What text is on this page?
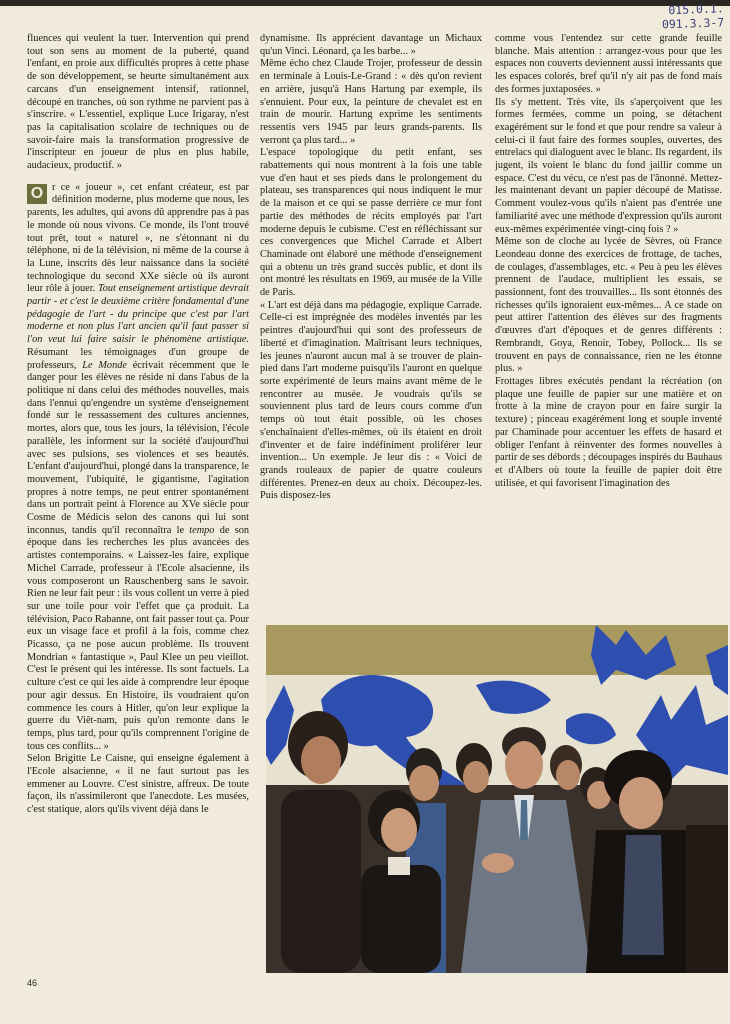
015.0.1.
091.3.3-7

fluences qui veulent la tuer. Intervention qui prend tout son sens au moment de la puberté, quand l'enfant, en proie aux difficultés propres à cette phase de son développement, se heurte simultanément aux carcans d'un enseignement intensif, rationnel, découpé en tranches, où son rythme ne parvient pas à s'inscrire. « L'essentiel, explique Luce Irigaray, n'est pas la capitalisation scolaire de techniques ou de savoir-faire mais la transformation progressive de l'inscripteur en joueur de plus en plus habile, audacieux, productif. »

O r ce « joueur », cet enfant créateur, est par définition moderne, plus moderne que nous, les parents, les adultes, qui avons dû apprendre pas à pas le monde où nous vivons. Ce monde, ils l'ont trouvé tout prêt, tout « naturel », ne s'étonnant ni du téléphone, ni de la télévision, ni même de la course à la Lune, inscrits dès leur naissance dans la société technologique du second XXe siècle où ils auront leur rôle à jouer. Tout enseignement artistique devrait partir - et c'est le deuxième critère fondamental d'une pédagogie de l'art - du principe que c'est par l'art moderne et non plus l'art ancien qu'il faut passer si l'on veut lui faire saisir le phénomène artistique. Résumant les témoignages d'un groupe de professeurs, Le Monde écrivait récemment que le danger pour les élèves ne réside ni dans l'abus de la politique ni dans celui des méthodes nouvelles, mais dans l'ennui qu'engendre un système d'enseignement fondé sur le ressassement des cultures anciennes, mortes, alors que, tous les jours, la télévision, l'école parallèle, les informent sur la société d'aujourd'hui avec ses pulsions, ses violences et ses beautés. L'enfant d'aujourd'hui, plongé dans la transparence, le mouvement, l'ubiquité, le gigantisme, l'agitation propres à notre temps, ne peut entrer spontanément dans un portrait peint à Florence au XVe siècle pour Cosme de Médicis selon des canons qui lui sont inconnus, tandis qu'il reconnaîtra le tempo de son époque dans les recherches les plus avancées des artistes contemporains. « Laissez-les faire, explique Michel Carrade, professeur à l'Ecole alsacienne, ils vous composeront un Rauschenberg sans le savoir. Rien ne leur fait peur : ils vous collent un verre à pied sur une toile pour voir l'effet que ça produit. La télévision, Paco Rabanne, ont fait passer tout ça. Pour eux un visage face et profil à la fois, comme chez Picasso, ça ne pose aucun problème. Ils trouvent Mondrian « fantastique », Paul Klee un peu vieillot. C'est le présent qui les intéresse. Ils sont factuels. La culture c'est ce qui les aide à comprendre leur époque pour agir dessus. En Histoire, ils voudraient qu'on commence les cours à Hitler, qu'on leur explique la guerre du Viêt-nam, puis qu'on remonte dans le temps, plus tard, pour qu'ils comprennent l'origine de tous ces conflits... »

Selon Brigitte Le Caisne, qui enseigne également à l'Ecole alsacienne, « il ne faut surtout pas les emmener au Louvre. C'est sinistre, affreux. De toute façon, ils n'assimileront que l'anecdote. Les musées, c'est statique, alors qu'ils vivent déjà dans le

dynamisme. Ils apprécient davantage un Michaux qu'un Vinci. Léonard, ça les barbe... »

Même écho chez Claude Trojer, professeur de dessin en terminale à Louis-Le-Grand : « dès qu'on revient en arrière, jusqu'à Hans Hartung par exemple, ils s'ennuient. Pour eux, la peinture de chevalet est en train de mourir. Hartung exprime les sentiments ressentis vers 1945 par leurs grands-parents. Ils verront ça plus tard... »

L'espace topologique du petit enfant, ses rabattements qui nous montrent à la fois une table vue d'en haut et ses pieds dans le prolongement du plateau, ses transparences qui nous indiquent le mur de la maison et ce qui se passe derrière ce mur font partie des méthodes de récits employés par l'art moderne depuis le cubisme. C'est en réfléchissant sur ces convergences que Michel Carrade et Albert Chaminade ont élaboré une méthode d'enseignement qui a obtenu un très grand succès public, et dont ils ont montré les résultats en 1969, au musée de la Ville de Paris.

« L'art est déjà dans ma pédagogie, explique Carrade. Celle-ci est imprégnée des modèles inventés par les peintres d'aujourd'hui qui sont des professeurs de liberté et d'imagination. Maîtrisant leurs techniques, les jeunes n'auront aucun mal à se trouver de plain-pied dans l'art moderne puisqu'ils l'auront en quelque sorte expérimenté de leurs mains avant même de le rencontrer au musée. Je voudrais qu'ils se souviennent plus tard de leurs cours comme d'un temps où tout était possible, où les choses s'enchaînaient d'elles-mêmes, où ils étaient en droit d'inventer et de faire indéfiniment proliférer leur invention... Un exemple. Je leur dis : « Voici de grands rouleaux de papier de quatre couleurs différentes. Prenez-en deux au choix. Découpez-les. Puis disposez-les

comme vous l'entendez sur cette grande feuille blanche. Mais attention : arrangez-vous pour que les espaces non couverts deviennent aussi intéressants que les espaces colorés, bref qu'il n'y ait pas de fond mais des formes juxtaposées. »

Ils s'y mettent. Très vite, ils s'aperçoivent que les formes fermées, comme un poing, se détachent exagérément sur le fond et que pour rendre sa valeur à celui-ci il faut faire des formes souples, ouvertes, des entrelacs qui dialoguent avec le blanc. Ils regardent, ils jugent, ils voient le blanc du fond jaillir comme un espace. C'est du vécu, ce n'est pas de l'ânonné. Mettez-les maintenant devant un papier découpé de Matisse. Comment voulez-vous qu'ils n'aient pas d'entrée une familiarité avec une méthode d'expression qu'ils auront eux-mêmes expérimentée vingt-cinq fois ? »

Même son de cloche au lycée de Sèvres, où France Leondeau donne des exercices de frottage, de taches, de coulages, d'assemblages, etc. « Peu à peu les élèves prennent de l'audace, multiplient les essais, se passionnent, font des trouvailles... Ils sont étonnés des richesses qu'ils ignoraient eux-mêmes... A ce stade on peut attirer l'attention des élèves sur des fragments d'œuvres d'art d'époques et de genres différents : Rembrandt, Goya, Renoir, Tobey, Pollock... Ils se trouvent en pays de connaissance, rien ne les étonne plus. »

Frottages libres exécutés pendant la récréation (on plaque une feuille de papier sur une matière et on frotte à la mine de crayon pour en faire surgir la texture) ; pinceau exagérément long et souple inventé par Chaminade pour accentuer les effets de hasard et obliger l'enfant à réinventer des formes nouvelles à partir de ses débords ; découpages inspirés du Bauhaus et d'Albers où toute la feuille de papier doit être utilisée, et qui favorisent l'imagination des

46
